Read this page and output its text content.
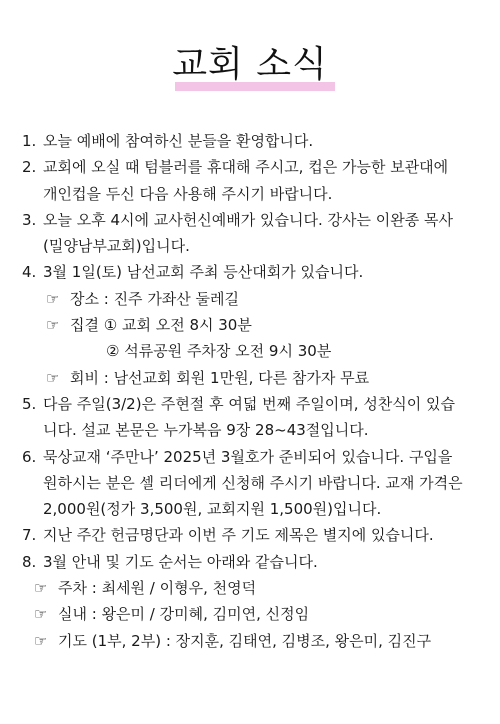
교회 소식
1. 오늘 예배에 참여하신 분들을 환영합니다.
2. 교회에 오실 때 텀블러를 휴대해 주시고, 컵은 가능한 보관대에
개인컵을 두신 다음 사용해 주시기 바랍니다.
3. 오늘 오후 4시에 교사헌신예배가 있습니다. 강사는 이완종 목사
(밀양남부교회)입니다.
4. 3월 1일(토) 남선교회 주최 등산대회가 있습니다.
☞ 장소 : 진주 가좌산 둘레길
☞ 집결 ① 교회 오전 8시 30분
② 석류공원 주차장 오전 9시 30분
☞ 회비 : 남선교회 회원 1만원, 다른 참가자 무료
5. 다음 주일(3/2)은 주현절 후 여덟 번째 주일이며, 성찬식이 있습
니다. 설교 본문은 누가복음 9장 28~43절입니다.
6. 묵상교재 ‘주만나’ 2025년 3월호가 준비되어 있습니다. 구입을
원하시는 분은 셀 리더에게 신청해 주시기 바랍니다. 교재 가격은
2,000원(정가 3,500원, 교회지원 1,500원)입니다.
7. 지난 주간 헌금명단과 이번 주 기도 제목은 별지에 있습니다.
8. 3월 안내 및 기도 순서는 아래와 같습니다.
☞ 주차 : 최세원 / 이형우, 천영덕
☞ 실내 : 왕은미 / 강미혜, 김미연, 신정임
☞ 기도 (1부, 2부) : 장지훈, 김태연, 김병조, 왕은미, 김진구
